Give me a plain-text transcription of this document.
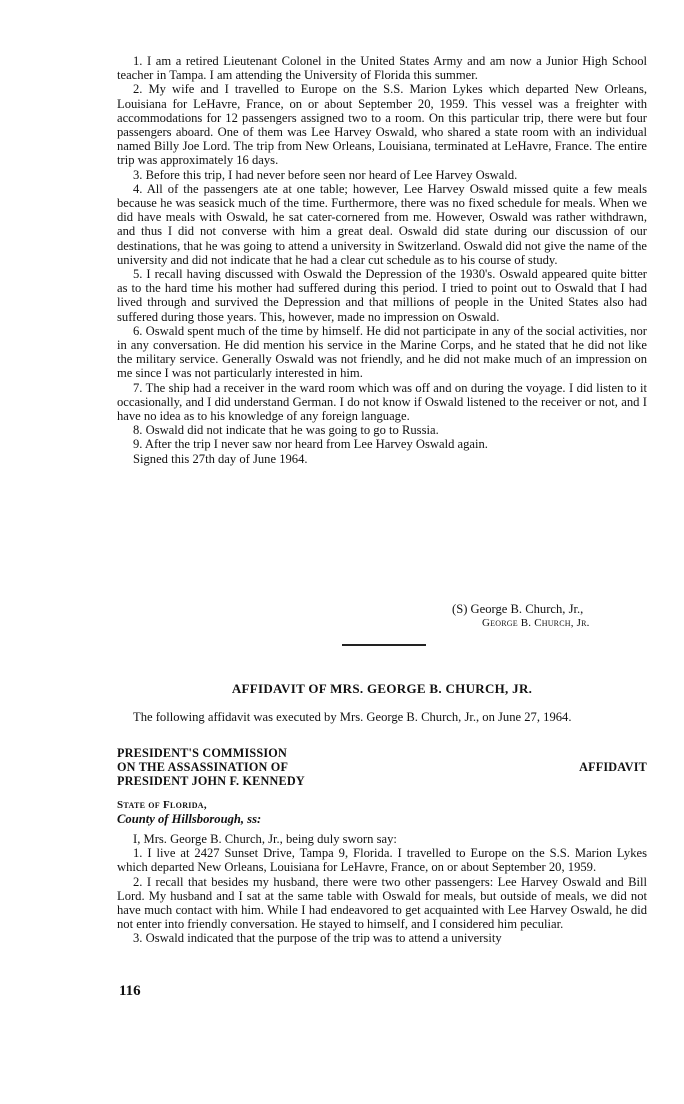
1. I am a retired Lieutenant Colonel in the United States Army and am now a Junior High School teacher in Tampa. I am attending the University of Florida this summer.

2. My wife and I travelled to Europe on the S.S. Marion Lykes which departed New Orleans, Louisiana for LeHavre, France, on or about September 20, 1959. This vessel was a freighter with accommodations for 12 passengers assigned two to a room. On this particular trip, there were but four passengers aboard. One of them was Lee Harvey Oswald, who shared a state room with an individual named Billy Joe Lord. The trip from New Orleans, Louisiana, terminated at LeHavre, France. The entire trip was approximately 16 days.

3. Before this trip, I had never before seen nor heard of Lee Harvey Oswald.

4. All of the passengers ate at one table; however, Lee Harvey Oswald missed quite a few meals because he was seasick much of the time. Furthermore, there was no fixed schedule for meals. When we did have meals with Oswald, he sat cater-cornered from me. However, Oswald was rather withdrawn, and thus I did not converse with him a great deal. Oswald did state during our discussion of our destinations, that he was going to attend a university in Switzerland. Oswald did not give the name of the university and did not indicate that he had a clear cut schedule as to his course of study.

5. I recall having discussed with Oswald the Depression of the 1930's. Oswald appeared quite bitter as to the hard time his mother had suffered during this period. I tried to point out to Oswald that I had lived through and survived the Depression and that millions of people in the United States also had suffered during those years. This, however, made no impression on Oswald.

6. Oswald spent much of the time by himself. He did not participate in any of the social activities, nor in any conversation. He did mention his service in the Marine Corps, and he stated that he did not like the military service. Generally Oswald was not friendly, and he did not make much of an impression on me since I was not particularly interested in him.

7. The ship had a receiver in the ward room which was off and on during the voyage. I did listen to it occasionally, and I did understand German. I do not know if Oswald listened to the receiver or not, and I have no idea as to his knowledge of any foreign language.

8. Oswald did not indicate that he was going to go to Russia.

9. After the trip I never saw nor heard from Lee Harvey Oswald again.

Signed this 27th day of June 1964.

(S) George B. Church, Jr.,
George B. Church, Jr.
AFFIDAVIT OF MRS. GEORGE B. CHURCH, JR.

The following affidavit was executed by Mrs. George B. Church, Jr., on June 27, 1964.

PRESIDENT'S COMMISSION
ON THE ASSASSINATION OF
PRESIDENT JOHN F. KENNEDY
AFFIDAVIT
State of Florida,
County of Hillsborough, ss:

I, Mrs. George B. Church, Jr., being duly sworn say:

1. I live at 2427 Sunset Drive, Tampa 9, Florida. I travelled to Europe on the S.S. Marion Lykes which departed New Orleans, Louisiana for LeHavre, France, on or about September 20, 1959.

2. I recall that besides my husband, there were two other passengers: Lee Harvey Oswald and Bill Lord. My husband and I sat at the same table with Oswald for meals, but outside of meals, we did not have much contact with him. While I had endeavored to get acquainted with Lee Harvey Oswald, he did not enter into friendly conversation. He stayed to himself, and I considered him peculiar.

3. Oswald indicated that the purpose of the trip was to attend a university

116
